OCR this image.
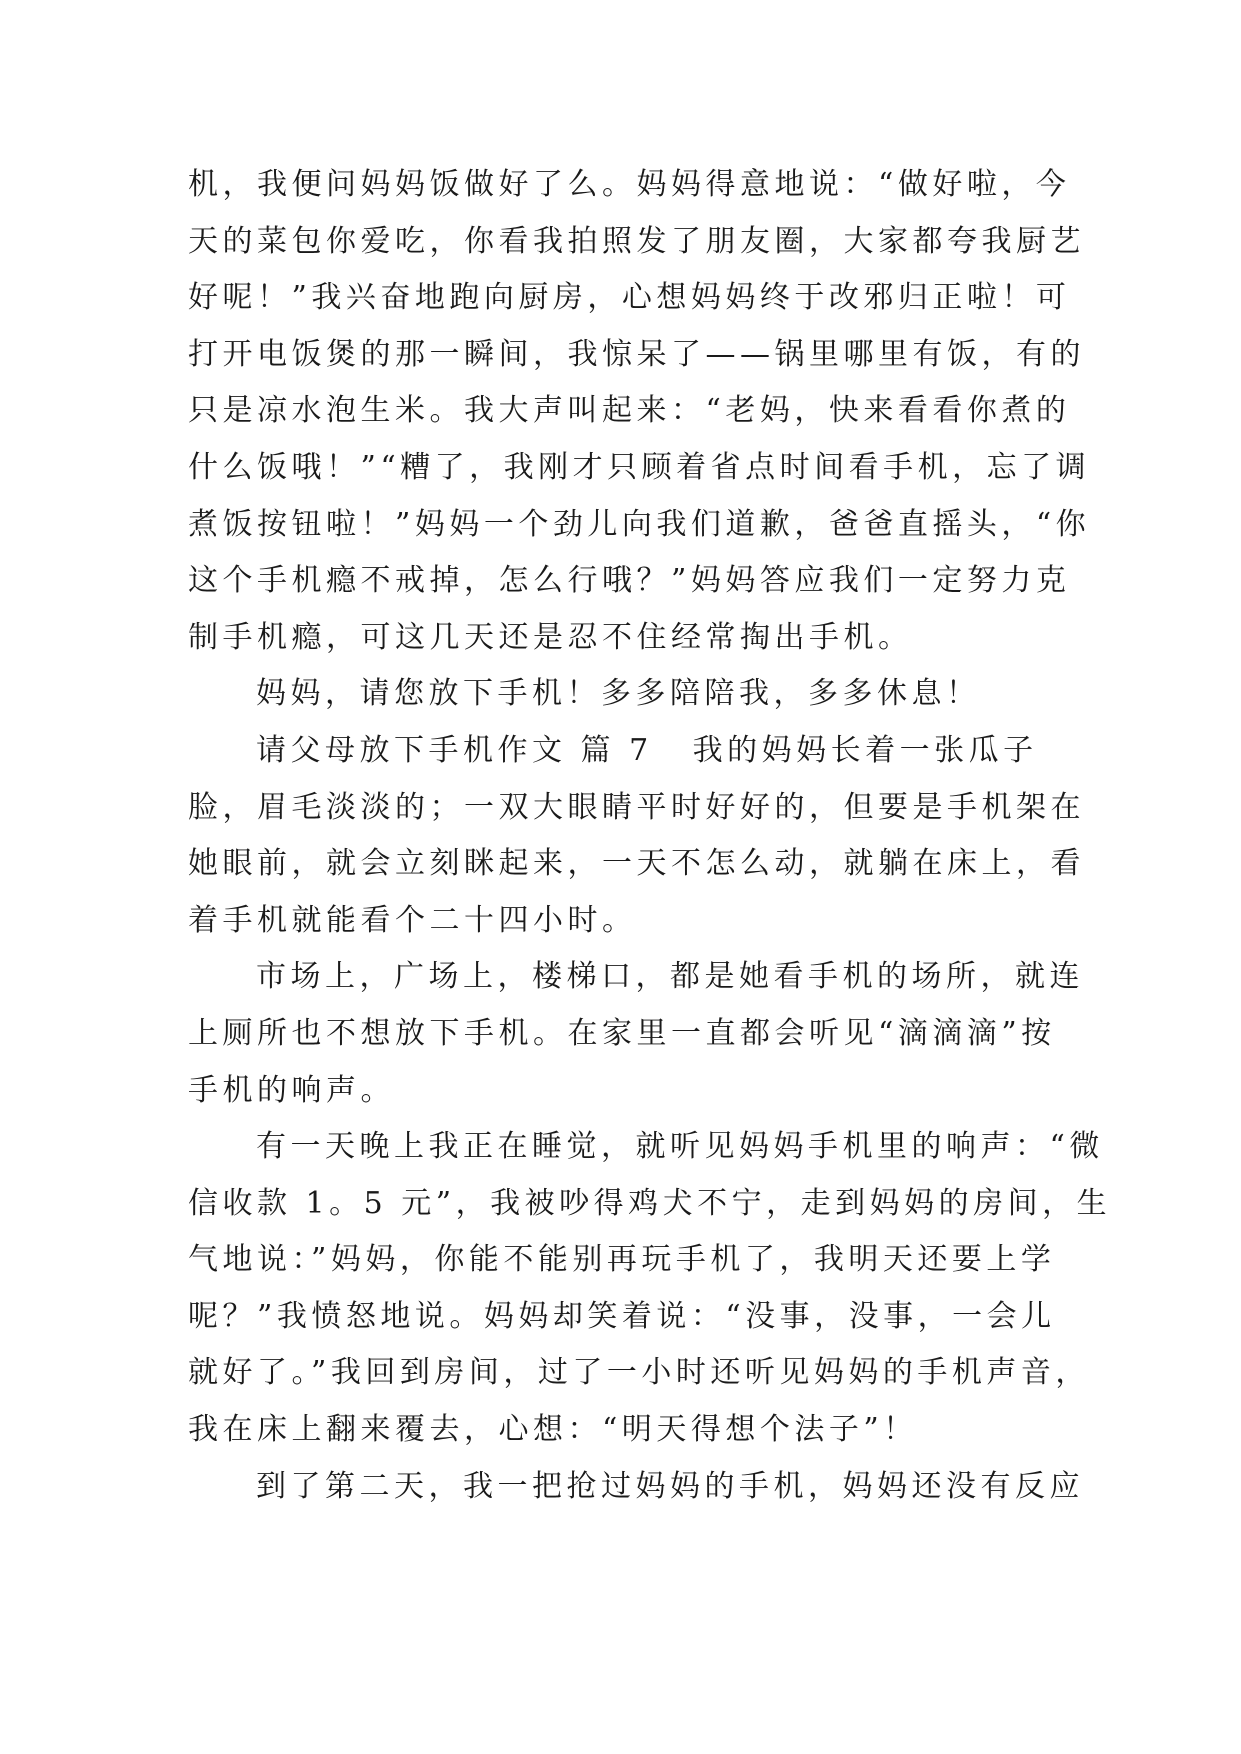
机，我便问妈妈饭做好了么。妈妈得意地说：“做好啦，今
天的菜包你爱吃，你看我拍照发了朋友圈，大家都夸我厨艺
好呢！”我兴奋地跑向厨房，心想妈妈终于改邪归正啦！可
打开电饭煲的那一瞬间，我惊呆了——锅里哪里有饭，有的
只是凉水泡生米。我大声叫起来：“老妈，快来看看你煮的
什么饭哦！”“糟了，我刚才只顾着省点时间看手机，忘了调
煮饭按钮啦！”妈妈一个劲儿向我们道歉，爸爸直摇头，“你
这个手机瘾不戒掉，怎么行哦？”妈妈答应我们一定努力克
制手机瘾，可这几天还是忍不住经常掏出手机。
妈妈，请您放下手机！多多陪陪我，多多休息！
请父母放下手机作文 篇 7 我的妈妈长着一张瓜子
脸，眉毛淡淡的；一双大眼睛平时好好的，但要是手机架在
她眼前，就会立刻眯起来，一天不怎么动，就躺在床上，看
着手机就能看个二十四小时。
市场上，广场上，楼梯口，都是她看手机的场所，就连
上厕所也不想放下手机。在家里一直都会听见“滴滴滴”按
手机的响声。
有一天晚上我正在睡觉，就听见妈妈手机里的响声：“微
信收款 1。5 元”，我被吵得鸡犬不宁，走到妈妈的房间，生
气地说：”妈妈，你能不能别再玩手机了，我明天还要上学
呢？”我愤怒地说。妈妈却笑着说：“没事，没事，一会儿
就好了。”我回到房间，过了一小时还听见妈妈的手机声音，
我在床上翻来覆去，心想：“明天得想个法子”！
到了第二天，我一把抢过妈妈的手机，妈妈还没有反应
